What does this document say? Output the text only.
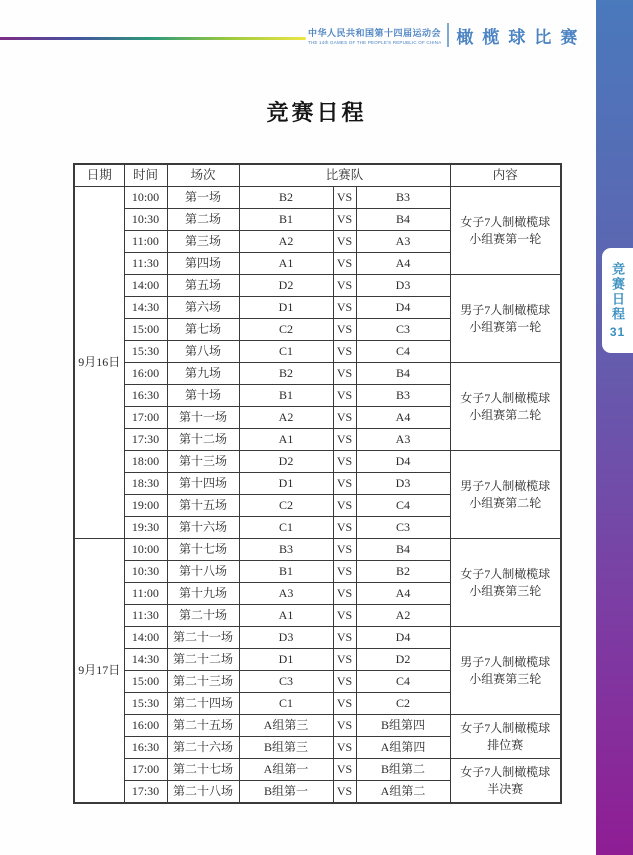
中华人民共和国第十四届运动会
THE 14th GAMES OF THE PEOPLE'S REPUBLIC OF CHINA 橄榄球比赛
竞赛日程
日期	时间	场次	比赛队			内容
9月16日	10:00	第一场	B2	VS	B3	女子7人制橄榄球
小组赛第一轮

	10:30	第二场	B1	VS	B4	
	11:00	第三场	A2	VS	A3	
	11:30	第四场	A1	VS	A4	
	14:00	第五场	D2	VS	D3	男子7人制橄榄球
小组赛第一轮

	14:30	第六场	D1	VS	D4	
	15:00	第七场	C2	VS	C3	
	15:30	第八场	C1	VS	C4	
	16:00	第九场	B2	VS	B4	女子7人制橄榄球
小组赛第二轮

	16:30	第十场	B1	VS	B3	
	17:00	第十一场	A2	VS	A4	
	17:30	第十二场	A1	VS	A3	
	18:00	第十三场	D2	VS	D4	男子7人制橄榄球
小组赛第二轮

	18:30	第十四场	D1	VS	D3	
	19:00	第十五场	C2	VS	C4	
	19:30	第十六场	C1	VS	C3	
9月17日	10:00	第十七场	B3	VS	B4	女子7人制橄榄球
小组赛第三轮

	10:30	第十八场	B1	VS	B2	
	11:00	第十九场	A3	VS	A4	
	11:30	第二十场	A1	VS	A2	
	14:00	第二十一场	D3	VS	D4	男子7人制橄榄球
小组赛第三轮

	14:30	第二十二场	D1	VS	D2	
	15:00	第二十三场	C3	VS	C4	
	15:30	第二十四场	C1	VS	C2	
	16:00	第二十五场	A组第三	VS	B组第四	女子7人制橄榄球
排位赛

	16:30	第二十六场	B组第三	VS	A组第四	
	17:00	第二十七场	A组第一	VS	B组第二	女子7人制橄榄球
半决赛

	17:30	第二十八场	B组第一	VS	A组第二	
竞赛日程
31
